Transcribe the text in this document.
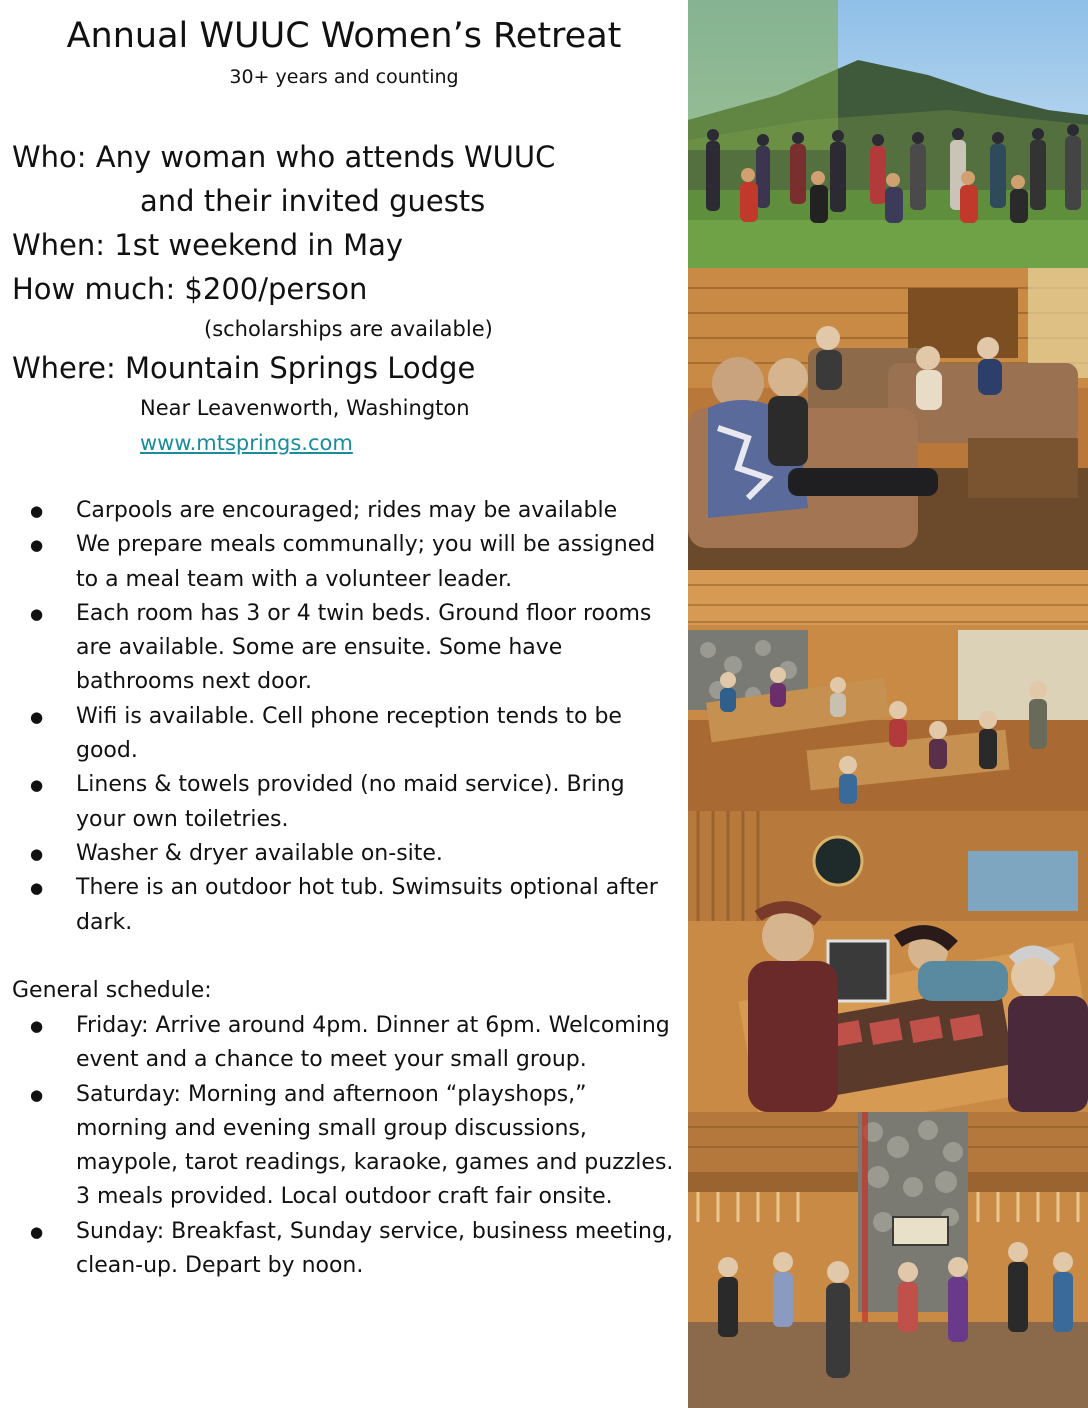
Annual WUUC Women’s Retreat
30+ years and counting
Who: Any woman who attends WUUC
and their invited guests
When: 1st weekend in May
How much: $200/person
(scholarships are available)
Where: Mountain Springs Lodge
Near Leavenworth, Washington
www.mtsprings.com
● Carpools are encouraged; rides may be available
● We prepare meals communally; you will be assigned to a meal team with a volunteer leader.
● Each room has 3 or 4 twin beds. Ground floor rooms are available. Some are ensuite. Some have bathrooms next door.
● Wifi is available. Cell phone reception tends to be good.
● Linens & towels provided (no maid service). Bring your own toiletries.
● Washer & dryer available on-site.
● There is an outdoor hot tub. Swimsuits optional after dark.
General schedule:
● Friday: Arrive around 4pm. Dinner at 6pm. Welcoming event and a chance to meet your small group.
● Saturday: Morning and afternoon “playshops,” morning and evening small group discussions, maypole, tarot readings, karaoke, games and puzzles. 3 meals provided. Local outdoor craft fair onsite.
● Sunday: Breakfast, Sunday service, business meeting, clean-up. Depart by noon.
